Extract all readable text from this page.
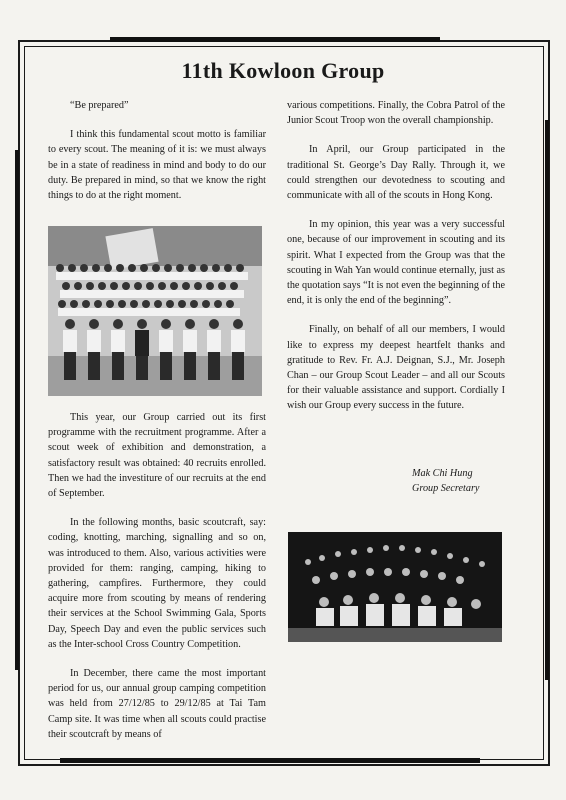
11th Kowloon Group

“Be prepared”

I think this fundamental scout motto is familiar to every scout. The meaning of it is: we must always be in a state of readiness in mind and body to do our duty. Be prepared in mind, so that we know the right things to do at the right moment.

This year, our Group carried out its first programme with the recruitment programme. After a scout week of exhibition and demonstration, a satisfactory result was obtained: 40 recruits enrolled. Then we had the investiture of our recruits at the end of September.

In the following months, basic scoutcraft, say: coding, knotting, marching, signalling and so on, was introduced to them. Also, various activities were provided for them: ranging, camping, hiking to gathering, campfires. Furthermore, they could acquire more from scouting by means of rendering their services at the School Swimming Gala, Sports Day, Speech Day and even the public services such as the Inter-school Cross Country Competition.

In December, there came the most important period for us, our annual group camping competition was held from 27/12/85 to 29/12/85 at Tai Tam Camp site. It was time when all scouts could practise their scoutcraft by means of

various competitions. Finally, the Cobra Patrol of the Junior Scout Troop won the overall championship.

In April, our Group participated in the traditional St. George’s Day Rally. Through it, we could strengthen our devotedness to scouting and communicate with all of the scouts in Hong Kong.

In my opinion, this year was a very successful one, because of our improvement in scouting and its spirit. What I expected from the Group was that the scouting in Wah Yan would continue eternally, just as the quotation says “It is not even the beginning of the end, it is only the end of the beginning”.

Finally, on behalf of all our members, I would like to express my deepest heartfelt thanks and gratitude to Rev. Fr. A.J. Deignan, S.J., Mr. Joseph Chan – our Group Scout Leader – and all our Scouts for their valuable assistance and support. Cordially I wish our Group every success in the future.

Mak Chi Hung
Group Secretary
